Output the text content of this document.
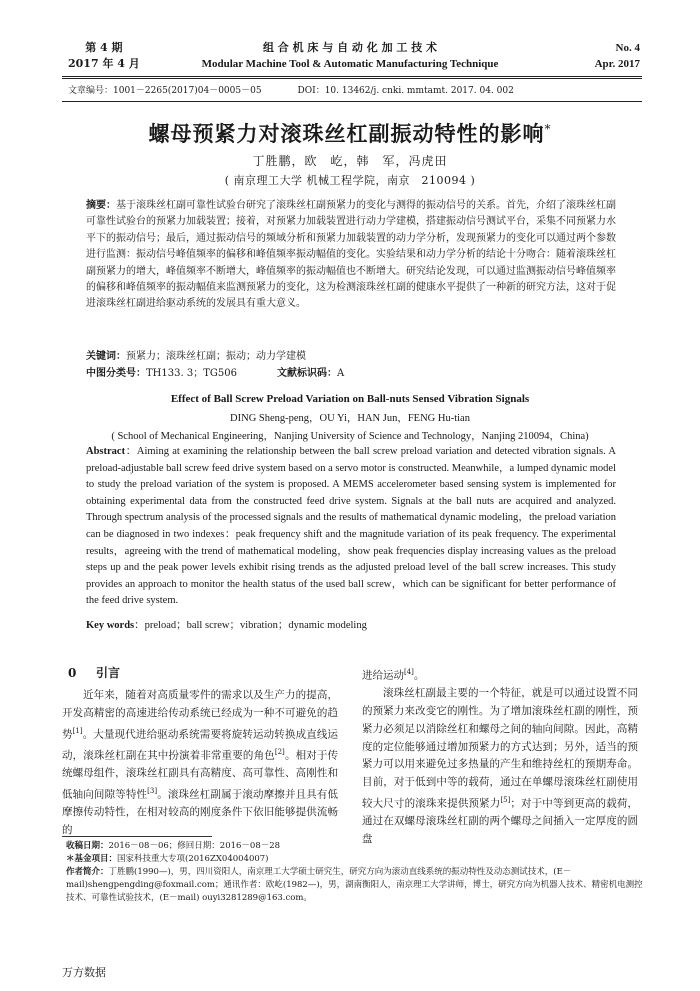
第 4 期
2017 年 4 月
组 合 机 床 与 自 动 化 加 工 技 术
Modular Machine Tool & Automatic Manufacturing Technique
No. 4
Apr. 2017
文章编号：1001－2265(2017)04－0005－05	DOI：10. 13462/j. cnki. mmtamt. 2017. 04. 002
螺母预紧力对滚珠丝杠副振动特性的影响*
丁胜鹏，欧　屹，韩　军，冯虎田
( 南京理工大学 机械工程学院，南京　210094 )
摘要：基于滚珠丝杠副可靠性试验台研究了滚珠丝杠副预紧力的变化与测得的振动信号的关系。首先，介绍了滚珠丝杠副可靠性试验台的预紧力加载装置；接着，对预紧力加载装置进行动力学建模，搭建振动信号测试平台，采集不同预紧力水平下的振动信号；最后，通过振动信号的频域分析和预紧力加载装置的动力学分析，发现预紧力的变化可以通过两个参数进行监测：振动信号峰值频率的偏移和峰值频率振动幅值的变化。实验结果和动力学分析的结论十分吻合：随着滚珠丝杠副预紧力的增大，峰值频率不断增大，峰值频率的振动幅值也不断增大。研究结论发现，可以通过监测振动信号峰值频率的偏移和峰值频率的振动幅值来监测预紧力的变化，这为检测滚珠丝杠副的健康水平提供了一种新的研究方法，这对于促进滚珠丝杠副进给驱动系统的发展具有重大意义。
关键词：预紧力；滚珠丝杠副；振动；动力学建模
中图分类号：TH133. 3；TG506	文献标识码：A
Effect of Ball Screw Preload Variation on Ball-nuts Sensed Vibration Signals
DING Sheng-peng，OU Yi，HAN Jun，FENG Hu-tian
( School of Mechanical Engineering，Nanjing University of Science and Technology，Nanjing 210094，China)
Abstract：Aiming at examining the relationship between the ball screw preload variation and detected vibration signals. A preload-adjustable ball screw feed drive system based on a servo motor is constructed. Meanwhile，a lumped dynamic model to study the preload variation of the system is proposed. A MEMS accelerometer based sensing system is implemented for obtaining experimental data from the constructed feed drive system. Signals at the ball nuts are acquired and analyzed. Through spectrum analysis of the processed signals and the results of mathematical dynamic modeling，the preload variation can be diagnosed in two indexes：peak frequency shift and the magnitude variation of its peak frequency. The experimental results，agreeing with the trend of mathematical modeling，show peak frequencies display increasing values as the preload steps up and the peak power levels exhibit rising trends as the adjusted preload level of the ball screw increases. This study provides an approach to monitor the health status of the used ball screw，which can be significant for better performance of the feed drive system.
Key words：preload；ball screw；vibration；dynamic modeling
0 引言

近年来，随着对高质量零件的需求以及生产力的提高，开发高精密的高速进给传动系统已经成为一种不可避免的趋势[1]。大量现代进给驱动系统需要将旋转运动转换成直线运动，滚珠丝杠副在其中扮演着非常重要的角色[2]。相对于传统螺母组件，滚珠丝杠副具有高精度、高可靠性、高刚性和低轴向间隙等特性[3]。滚珠丝杠副属于滚动摩擦并且具有低摩擦传动特性，在相对较高的刚度条件下依旧能够提供流畅的

进给运动[4]。

滚珠丝杠副最主要的一个特征，就是可以通过设置不同的预紧力来改变它的刚性。为了增加滚珠丝杠副的刚性，预紧力必须足以消除丝杠和螺母之间的轴向间隙。因此，高精度的定位能够通过增加预紧力的方式达到；另外，适当的预紧力可以用来避免过多热量的产生和维持丝杠的预期寿命。目前，对于低到中等的载荷，通过在单螺母滚珠丝杠副使用较大尺寸的滚珠来提供预紧力[5]；对于中等到更高的载荷，通过在双螺母滚珠丝杠副的两个螺母之间插入一定厚度的圆盘

收稿日期：2016－08－06；修回日期：2016－08－28
＊基金项目：国家科技重大专项(2016ZX04004007)
作者简介：丁胜鹏(1990—)，男，四川资阳人，南京理工大学硕士研究生，研究方向为滚动直线系统的振动特性及动态测试技术，(E－mail)shengpengding@foxmail.com；通讯作者：欧屹(1982—)，男，湖南衡阳人，南京理工大学讲师，博士，研究方向为机器人技术、精密机电测控技术、可靠性试验技术，(E－mail) ouyi3281289@163.com。
万方数据
